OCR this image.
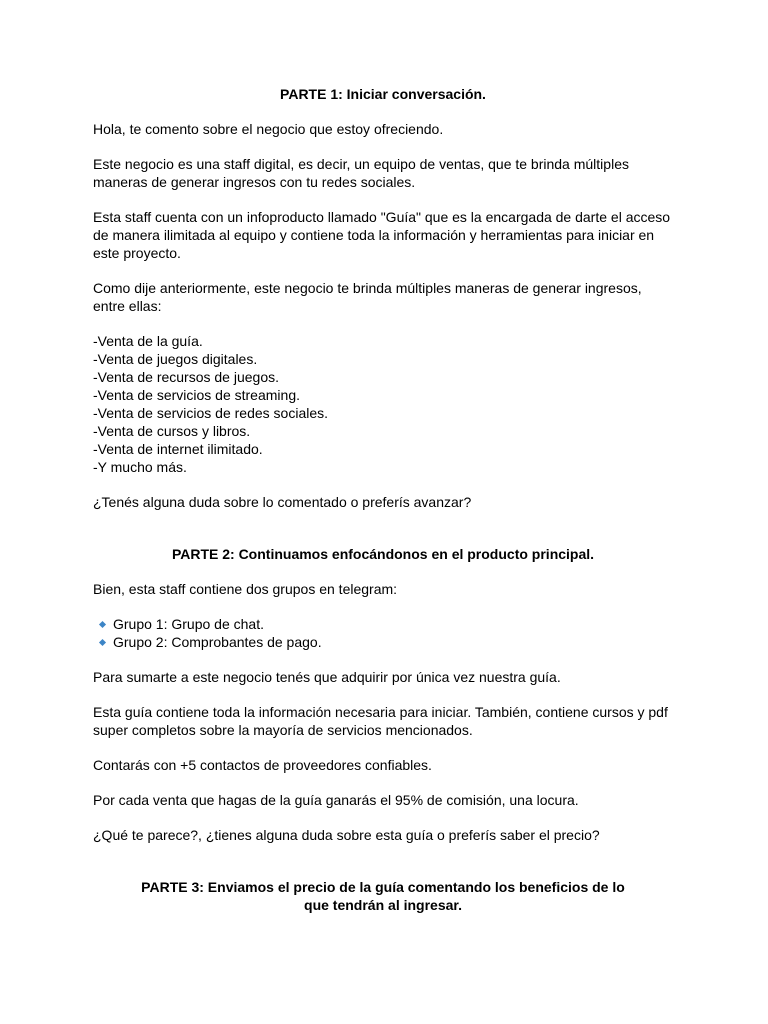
PARTE 1: Iniciar conversación.

Hola, te comento sobre el negocio que estoy ofreciendo.

Este negocio es una staff digital, es decir, un equipo de ventas, que te brinda múltiples maneras de generar ingresos con tu redes sociales.

Esta staff cuenta con un infoproducto llamado "Guía" que es la encargada de darte el acceso de manera ilimitada al equipo y contiene toda la información y herramientas para iniciar en este proyecto.

Como dije anteriormente, este negocio te brinda múltiples maneras de generar ingresos, entre ellas:

-Venta de la guía.

-Venta de juegos digitales.

-Venta de recursos de juegos.

-Venta de servicios de streaming.

-Venta de servicios de redes sociales.

-Venta de cursos y libros.

-Venta de internet ilimitado.

-Y mucho más.

¿Tenés alguna duda sobre lo comentado o preferís avanzar?

PARTE 2: Continuamos enfocándonos en el producto principal.

Bien, esta staff contiene dos grupos en telegram:

Grupo 1: Grupo de chat.
Grupo 2: Comprobantes de pago.

Para sumarte a este negocio tenés que adquirir por única vez nuestra guía.

Esta guía contiene toda la información necesaria para iniciar. También, contiene cursos y pdf super completos sobre la mayoría de servicios mencionados.

Contarás con +5 contactos de proveedores confiables.

Por cada venta que hagas de la guía ganarás el 95% de comisión, una locura.

¿Qué te parece?, ¿tienes alguna duda sobre esta guía o preferís saber el precio?

PARTE 3: Enviamos el precio de la guía comentando los beneficios de lo que tendrán al ingresar.
